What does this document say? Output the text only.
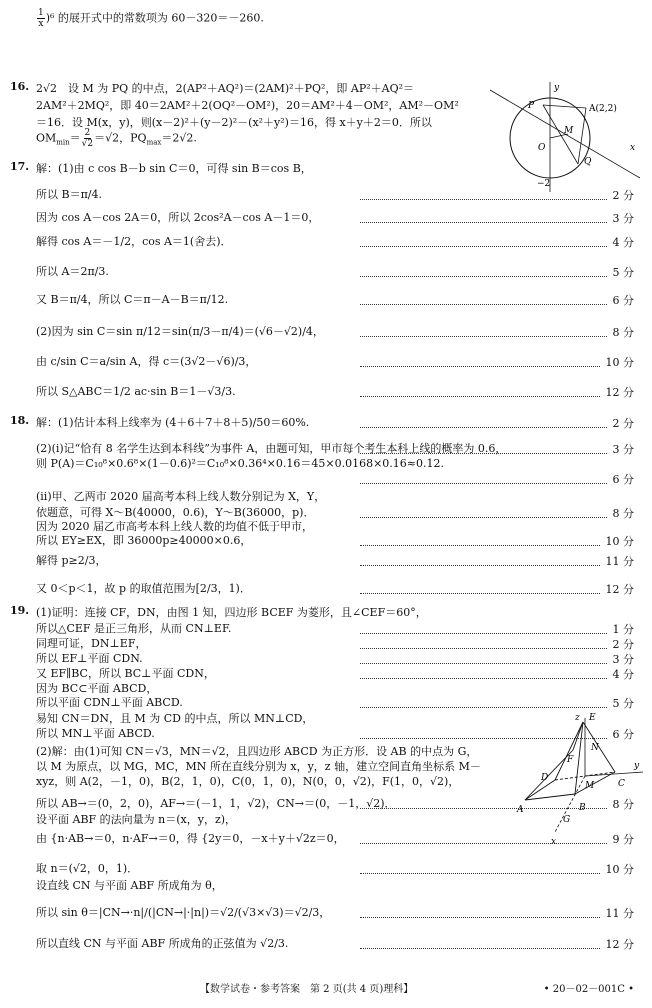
$\frac{1}{x} )^6$ 的展开式中的常数项为 60－320＝－260.
16. 2√2　设 M 为 PQ 的中点，2(AP²＋AQ²)＝(2AM)²＋PQ²，即 AP²＋AQ²＝
2AM²＋2MQ²，即 40＝2AM²＋2(OQ²－OM²)，20＝AM²＋4－OM²，AM²－OM²
＝16．设 M(x，y)，则(x－2)²＋(y－2)²－(x²＋y²)＝16，得 x＋y＋2＝0．所以
$OM_{min}= \frac{2}{√2} =√2$，$PQ_{max}=2√2$.
y
P	A(2,2)
M
O
Q
−2
x
17. 解：(1)由 c cos B－b sin C＝0，可得 sin B＝cos B，
所以 B＝π/4.	2 分
因为 cos A－cos 2A＝0，所以 2cos²A－cos A－1＝0，	3 分
解得 cos A＝－1/2，cos A＝1(舍去)．	4 分
所以 A＝2π/3.	5 分
又 B＝π/4，所以 C＝π－A－B＝π/12.	6 分
(2)因为 sin C＝sin π/12＝sin(π/3－π/4)＝(√6－√2)/4，	8 分
由 c/sin C＝a/sin A，得 c＝(3√2－√6)/3，	10 分
所以 S△ABC＝1/2 ac·sin B＝1－√3/3.	12 分
18. 解：(1)估计本科上线率为 (4＋6＋7＋8＋5)/50＝60%.	2 分
(2)(ⅰ)记“恰有 8 名学生达到本科线”为事件 A，由题可知，甲市每个考生本科上线的概率为 0.6，	3 分
则 P(A)＝C₁₀⁸×0.6⁸×(1－0.6)²＝C₁₀⁸×0.36⁴×0.16＝45×0.0168×0.16≈0.12.
6 分
(ⅱ)甲、乙两市 2020 届高考本科上线人数分别记为 X，Y，
依题意，可得 X～B(40000，0.6)，Y～B(36000，p)．	8 分
因为 2020 届乙市高考本科上线人数的均值不低于甲市，
所以 EY≥EX，即 36000p≥40000×0.6，	10 分
解得 p≥2/3，	11 分
又 0＜p＜1，故 p 的取值范围为[2/3，1)．	12 分
19. (1)证明：连接 CF，DN，由图 1 知，四边形 BCEF 为菱形，且∠CEF＝60°，
所以△CEF 是正三角形，从而 CN⊥EF.	1 分
同理可证，DN⊥EF，	2 分
所以 EF⊥平面 CDN.	3 分
又 EF∥BC，所以 BC⊥平面 CDN，	4 分
因为 BC⊂平面 ABCD，
所以平面 CDN⊥平面 ABCD.	5 分
易知 CN＝DN，且 M 为 CD 的中点，所以 MN⊥CD，
所以 MN⊥平面 ABCD.	6 分
(2)解：由(1)可知 CN＝√3，MN＝√2，且四边形 ABCD 为正方形．设 AB 的中点为 G，
以 M 为原点，以 MG，MC，MN 所在直线分别为 x，y，z 轴，建立空间直角坐标系 M－
xyz，则 A(2，－1，0)，B(2，1，0)，C(0，1，0)，N(0，0，√2)，F(1，0，√2)，
所以 AB→＝(0，2，0)，AF→＝(－1，1，√2)，CN→＝(0，－1，√2)．	8 分
设平面 ABF 的法向量为 n＝(x，y，z)，
由 {n·AB→＝0，n·AF→＝0，得 {2y＝0，－x＋y＋√2z＝0，	9 分
取 n＝(√2，0，1)．	10 分
设直线 CN 与平面 ABF 所成角为 θ，
所以 sin θ＝|CN→·n|/(|CN→|·|n|)＝√2/(√3×√3)＝√2/3，	11 分
所以直线 CN 与平面 ABF 所成角的正弦值为 √2/3.	12 分
E
z
N
D
F
M	C
y
A
G
B
x
【数学试卷・参考答案　第 2 页(共 4 页)理科】	• 20－02－001C •
